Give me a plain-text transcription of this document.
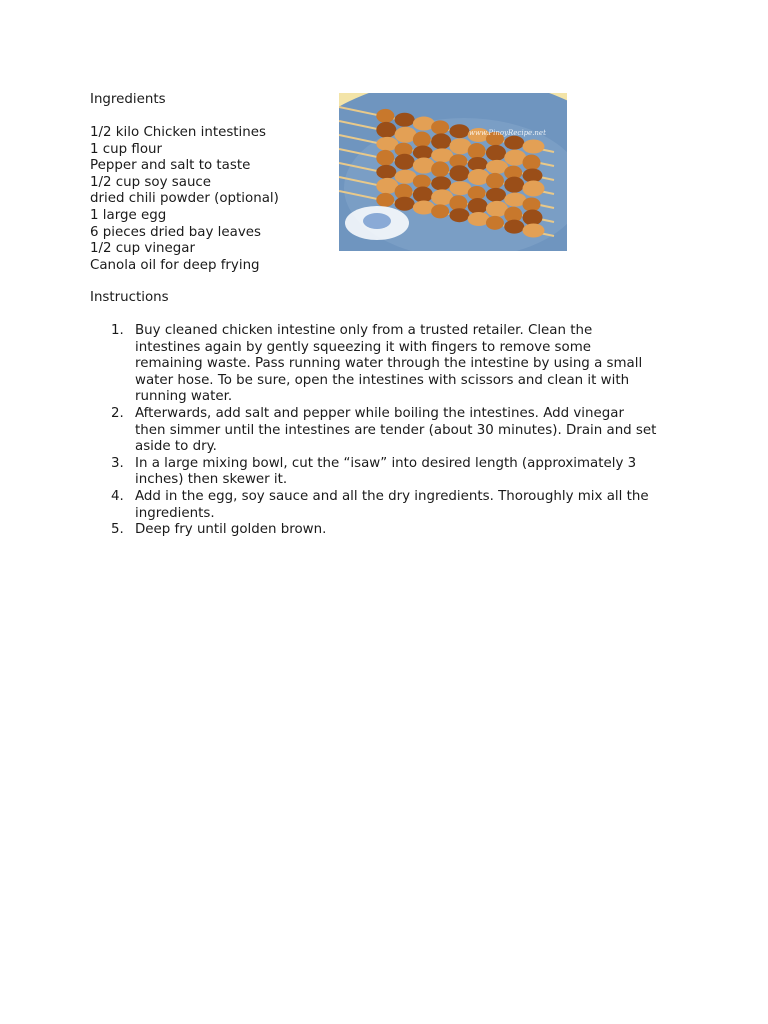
Ingredients
1/2 kilo Chicken intestines
1 cup flour
Pepper and salt to taste
1/2 cup soy sauce
dried chili powder (optional)
1 large egg
6 pieces dried bay leaves
1/2 cup vinegar
Canola oil for deep frying
www.PinoyRecipe.net
Instructions
1. Buy cleaned chicken intestine only from a trusted retailer. Clean the
intestines again by gently squeezing it with fingers to remove some
remaining waste. Pass running water through the intestine by using a small
water hose. To be sure, open the intestines with scissors and clean it with
running water.
2. Afterwards, add salt and pepper while boiling the intestines. Add vinegar
then simmer until the intestines are tender (about 30 minutes). Drain and set
aside to dry.
3. In a large mixing bowl, cut the “isaw” into desired length (approximately 3
inches) then skewer it.
4. Add in the egg, soy sauce and all the dry ingredients. Thoroughly mix all the
ingredients.
5. Deep fry until golden brown.
